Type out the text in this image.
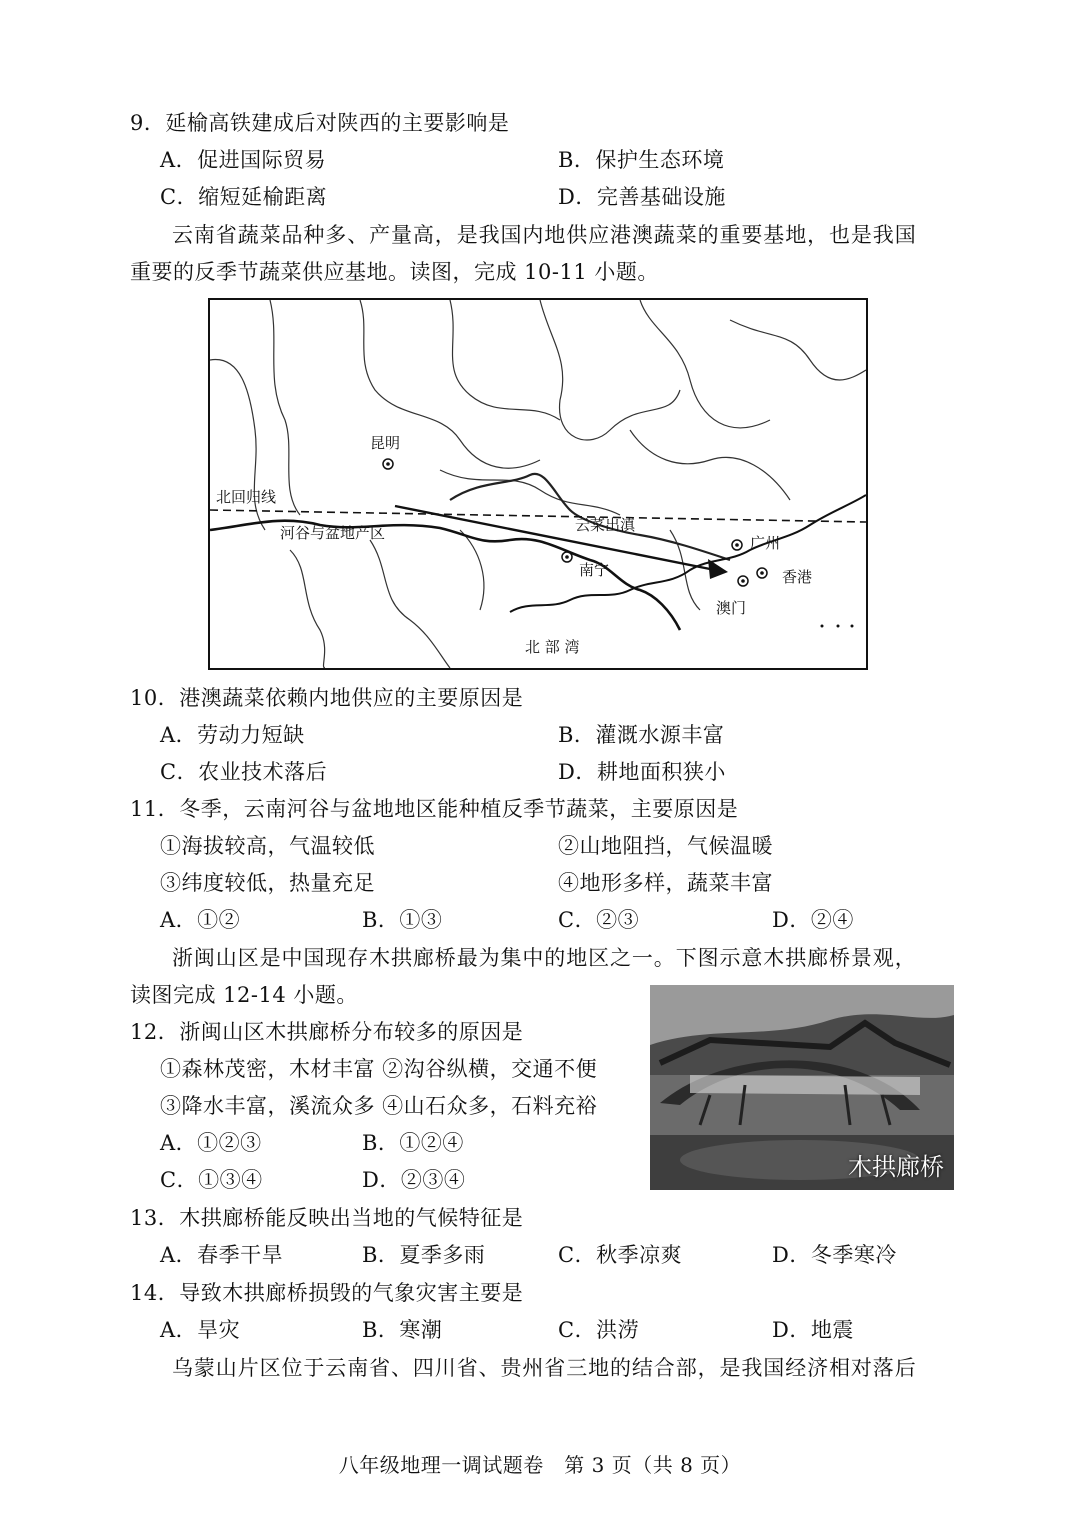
9．延榆高铁建成后对陕西的主要影响是
A．促进国际贸易	B．保护生态环境
C．缩短延榆距离	D．完善基础设施
云南省蔬菜品种多、产量高，是我国内地供应港澳蔬菜的重要基地，也是我国
重要的反季节蔬菜供应基地。读图，完成 10-11 小题。
昆明
北回归线
河谷与盆地产区	云菜出滇
南宁
广州
香港
澳门
北 部 湾
10．港澳蔬菜依赖内地供应的主要原因是
A．劳动力短缺	B．灌溉水源丰富
C．农业技术落后	D．耕地面积狭小
11．冬季，云南河谷与盆地地区能种植反季节蔬菜，主要原因是
①海拔较高，气温较低	②山地阻挡，气候温暖
③纬度较低，热量充足	④地形多样，蔬菜丰富
A．①②	B．①③	C．②③	D．②④
浙闽山区是中国现存木拱廊桥最为集中的地区之一。下图示意木拱廊桥景观，
读图完成 12-14 小题。
木拱廊桥
12．浙闽山区木拱廊桥分布较多的原因是
①森林茂密，木材丰富 ②沟谷纵横，交通不便
③降水丰富，溪流众多 ④山石众多，石料充裕
A．①②③	B．①②④
C．①③④	D．②③④
13．木拱廊桥能反映出当地的气候特征是
A．春季干旱	B．夏季多雨	C．秋季凉爽	D．冬季寒冷
14．导致木拱廊桥损毁的气象灾害主要是
A．旱灾	B．寒潮	C．洪涝	D．地震
乌蒙山片区位于云南省、四川省、贵州省三地的结合部，是我国经济相对落后
八年级地理一调试题卷　第 3 页（共 8 页）
